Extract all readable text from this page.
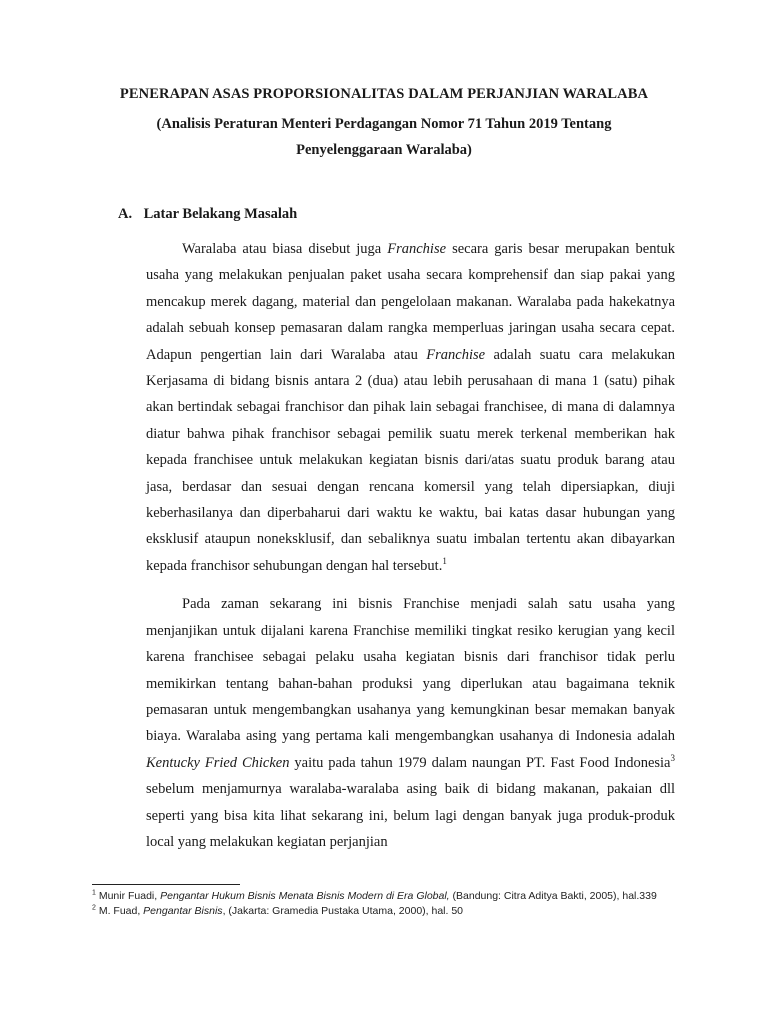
PENERAPAN ASAS PROPORSIONALITAS DALAM PERJANJIAN WARALABA
(Analisis Peraturan Menteri Perdagangan Nomor 71 Tahun 2019 Tentang
Penyelenggaraan Waralaba)
A. Latar Belakang Masalah

Waralaba atau biasa disebut juga Franchise secara garis besar merupakan bentuk usaha yang melakukan penjualan paket usaha secara komprehensif dan siap pakai yang mencakup merek dagang, material dan pengelolaan makanan. Waralaba pada hakekatnya adalah sebuah konsep pemasaran dalam rangka memperluas jaringan usaha secara cepat. Adapun pengertian lain dari Waralaba atau Franchise adalah suatu cara melakukan Kerjasama di bidang bisnis antara 2 (dua) atau lebih perusahaan di mana 1 (satu) pihak akan bertindak sebagai franchisor dan pihak lain sebagai franchisee, di mana di dalamnya diatur bahwa pihak franchisor sebagai pemilik suatu merek terkenal memberikan hak kepada franchisee untuk melakukan kegiatan bisnis dari/atas suatu produk barang atau jasa, berdasar dan sesuai dengan rencana komersil yang telah dipersiapkan, diuji keberhasilanya dan diperbaharui dari waktu ke waktu, bai katas dasar hubungan yang eksklusif ataupun noneksklusif, dan sebaliknya suatu imbalan tertentu akan dibayarkan kepada franchisor sehubungan dengan hal tersebut.$^1$

Pada zaman sekarang ini bisnis Franchise menjadi salah satu usaha yang menjanjikan untuk dijalani karena Franchise memiliki tingkat resiko kerugian yang kecil karena franchisee sebagai pelaku usaha kegiatan bisnis dari franchisor tidak perlu memikirkan tentang bahan-bahan produksi yang diperlukan atau bagaimana teknik pemasaran untuk mengembangkan usahanya yang kemungkinan besar memakan banyak biaya. Waralaba asing yang pertama kali mengembangkan usahanya di Indonesia adalah Kentucky Fried Chicken yaitu pada tahun 1979 dalam naungan PT. Fast Food Indonesia$^3$ sebelum menjamurnya waralaba-waralaba asing baik di bidang makanan, pakaian dll seperti yang bisa kita lihat sekarang ini, belum lagi dengan banyak juga produk-produk local yang melakukan kegiatan perjanjian

$^1$ Munir Fuadi, Pengantar Hukum Bisnis Menata Bisnis Modern di Era Global, (Bandung: Citra Aditya Bakti, 2005), hal.339
$^2$ M. Fuad, Pengantar Bisnis, (Jakarta: Gramedia Pustaka Utama, 2000), hal. 50
